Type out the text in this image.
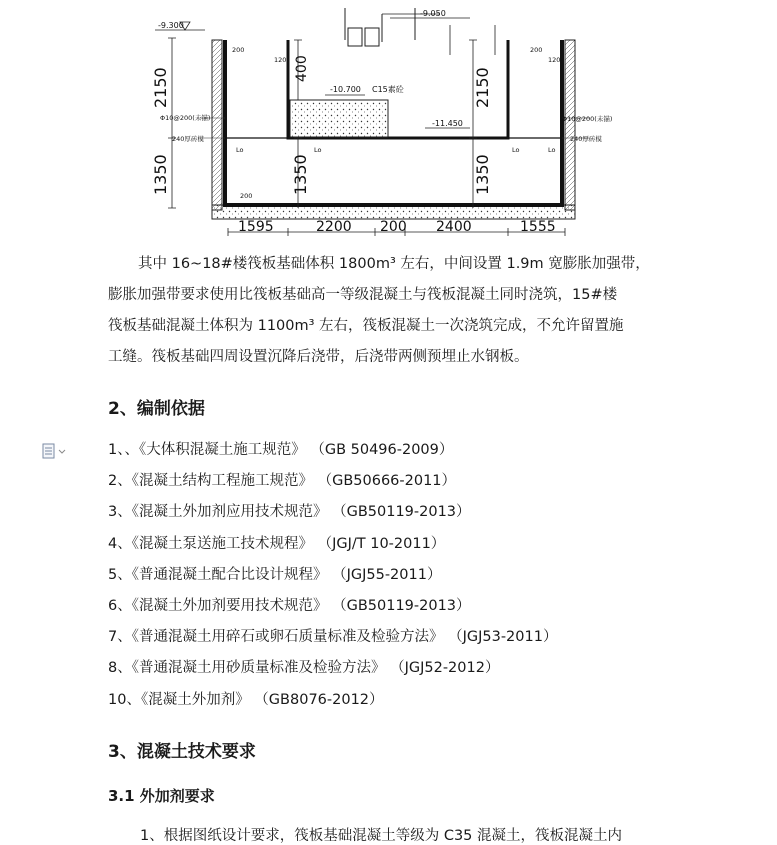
-9.300
-9.050
-10.700
-11.450
C15素砼
2150
1350
400	2150
1350	1350
Φ10@200(未锚)
240厚砖模
Φ10@200(未锚)
240厚砖模
1595	2200 200 2400	1555
200
120
Lo	Lo	Lo	Lo
200
120
200
其中 16~18#楼筏板基础体积 1800m³ 左右，中间设置 1.9m 宽膨胀加强带，
膨胀加强带要求使用比筏板基础高一等级混凝土与筏板混凝土同时浇筑，15#楼
筏板基础混凝土体积为 1100m³ 左右，筏板混凝土一次浇筑完成，不允许留置施
工缝。筏板基础四周设置沉降后浇带，后浇带两侧预埋止水钢板。
2、编制依据
1、、《大体积混凝土施工规范》 （GB 50496-2009）
2、《混凝土结构工程施工规范》 （GB50666-2011）
3、《混凝土外加剂应用技术规范》 （GB50119-2013）
4、《混凝土泵送施工技术规程》 （JGJ/T 10-2011）
5、《普通混凝土配合比设计规程》 （JGJ55-2011）
6、《混凝土外加剂要用技术规范》 （GB50119-2013）
7、《普通混凝土用碎石或卵石质量标准及检验方法》 （JGJ53-2011）
8、《普通混凝土用砂质量标准及检验方法》 （JGJ52-2012）
10、《混凝土外加剂》 （GB8076-2012）
3、混凝土技术要求
3.1 外加剂要求
1、根据图纸设计要求，筏板基础混凝土等级为 C35 混凝土，筏板混凝土内
